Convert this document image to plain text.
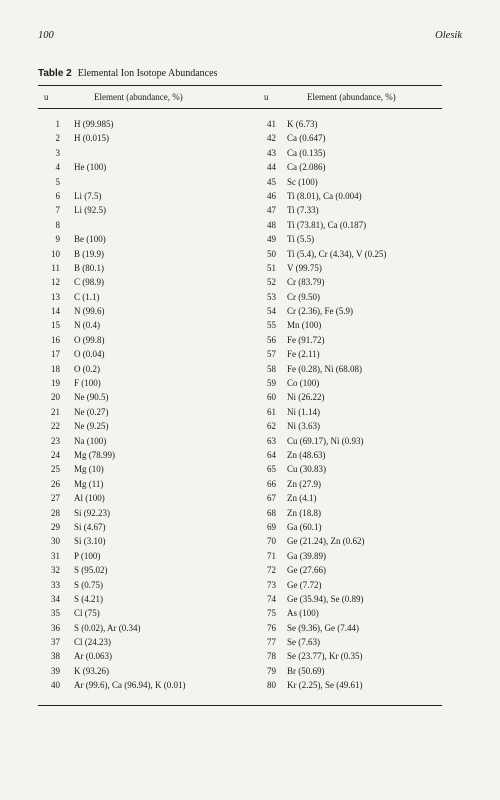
100	Olesik
Table 2 Elemental Ion Isotope Abundances
u	Element (abundance, %)	u	Element (abundance, %)
1 H (99.985)	41 K (6.73)
2 H (0.015)	42 Ca (0.647)
3	43 Ca (0.135)
4 He (100)	44 Ca (2.086)
5	45 Sc (100)
6 Li (7.5)	46 Ti (8.01), Ca (0.004)
7 Li (92.5)	47 Ti (7.33)
8	48 Ti (73.81), Ca (0.187)
9 Be (100)	49 Ti (5.5)
10 B (19.9)	50 Ti (5.4), Cr (4.34), V (0.25)
11 B (80.1)	51 V (99.75)
12 C (98.9)	52 Cr (83.79)
13 C (1.1)	53 Cr (9.50)
14 N (99.6)	54 Cr (2.36), Fe (5.9)
15 N (0.4)	55 Mn (100)
16 O (99.8)	56 Fe (91.72)
17 O (0.04)	57 Fe (2.11)
18 O (0.2)	58 Fe (0.28), Ni (68.08)
19 F (100)	59 Co (100)
20 Ne (90.5)	60 Ni (26.22)
21 Ne (0.27)	61 Ni (1.14)
22 Ne (9.25)	62 Ni (3.63)
23 Na (100)	63 Cu (69.17), Ni (0.93)
24 Mg (78.99)	64 Zn (48.63)
25 Mg (10)	65 Cu (30.83)
26 Mg (11)	66 Zn (27.9)
27 Al (100)	67 Zn (4.1)
28 Si (92.23)	68 Zn (18.8)
29 Si (4.67)	69 Ga (60.1)
30 Si (3.10)	70 Ge (21.24), Zn (0.62)
31 P (100)	71 Ga (39.89)
32 S (95.02)	72 Ge (27.66)
33 S (0.75)	73 Ge (7.72)
34 S (4.21)	74 Ge (35.94), Se (0.89)
35 Cl (75)	75 As (100)
36 S (0.02), Ar (0.34)	76 Se (9.36), Ge (7.44)
37 Cl (24.23)	77 Se (7.63)
38 Ar (0.063)	78 Se (23.77), Kr (0.35)
39 K (93.26)	79 Br (50.69)
40 Ar (99.6), Ca (96.94), K (0.01)	80 Kr (2.25), Se (49.61)
